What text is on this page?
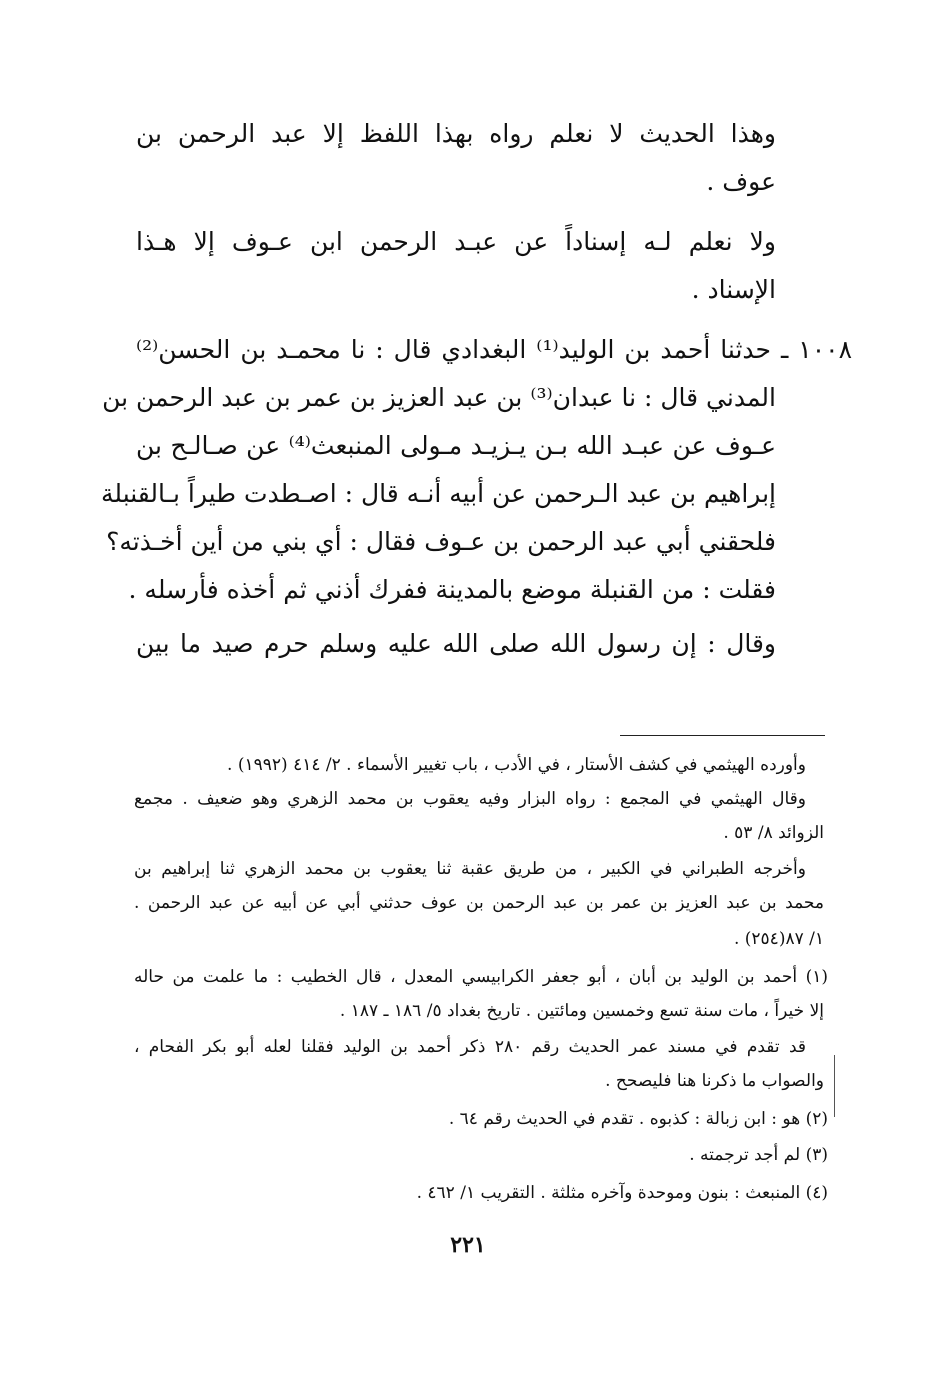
وهذا الحديث لا نعلم رواه بهذا اللفظ إلا عبد الرحمن بن
عوف .
ولا نعلم لـه إسناداً عن عبـد الرحمن ابن عـوف إلا هـذا
الإسناد .
١٠٠٨ ـ حدثنا أحمد بن الوليد⁽¹⁾ البغدادي قال : نا محمـد بن الحسن⁽²⁾
المدني قال : نا عبدان⁽³⁾ بن عبد العزيز بن عمر بن عبد الرحمن بن
عـوف عن عبـد الله بـن يـزيـد مـولى المنبعث⁽⁴⁾ عن صـالـح بن
إبراهيم بن عبد الـرحمن عن أبيه أنـه قال : اصـطدت طيراً بـالقنبلة
فلحقني أبي عبد الرحمن بن عـوف فقال : أي بني من أين أخـذته؟
فقلت : من القنبلة موضع بالمدينة ففرك أذني ثم أخذه فأرسله .
وقال : إن رسول الله صلى الله عليه وسلم حرم صيد ما بين
وأورده الهيثمي في كشف الأستار ، في الأدب ، باب تغيير الأسماء . ٢/ ٤١٤ (١٩٩٢) .
وقال الهيثمي في المجمع : رواه البزار وفيه يعقوب بن محمد الزهري وهو ضعيف . مجمع
الزوائد ٨/ ٥٣ .
وأخرجه الطبراني في الكبير ، من طريق عقبة ثنا يعقوب بن محمد الزهري ثنا إبراهيم بن
محمد بن عبد العزيز بن عمر بن عبد الرحمن بن عوف حدثني أبي عن أبيه عن عبد الرحمن .
١/ ٨٧(٢٥٤) .
(١) أحمد بن الوليد بن أبان ، أبو جعفر الكرابيسي المعدل ، قال الخطيب : ما علمت من حاله
إلا خيراً ، مات سنة تسع وخمسين ومائتين . تاريخ بغداد ٥/ ١٨٦ ـ ١٨٧ .
قد تقدم في مسند عمر الحديث رقم ٢٨٠ ذكر أحمد بن الوليد فقلنا لعله أبو بكر الفحام ،
والصواب ما ذكرنا هنا فليصحح .
(٢) هو : ابن زبالة : كذبوه . تقدم في الحديث رقم ٦٤ .
(٣) لم أجد ترجمته .
(٤) المنبعث : بنون وموحدة وآخره مثلثة . التقريب ١/ ٤٦٢ .
٢٢١
